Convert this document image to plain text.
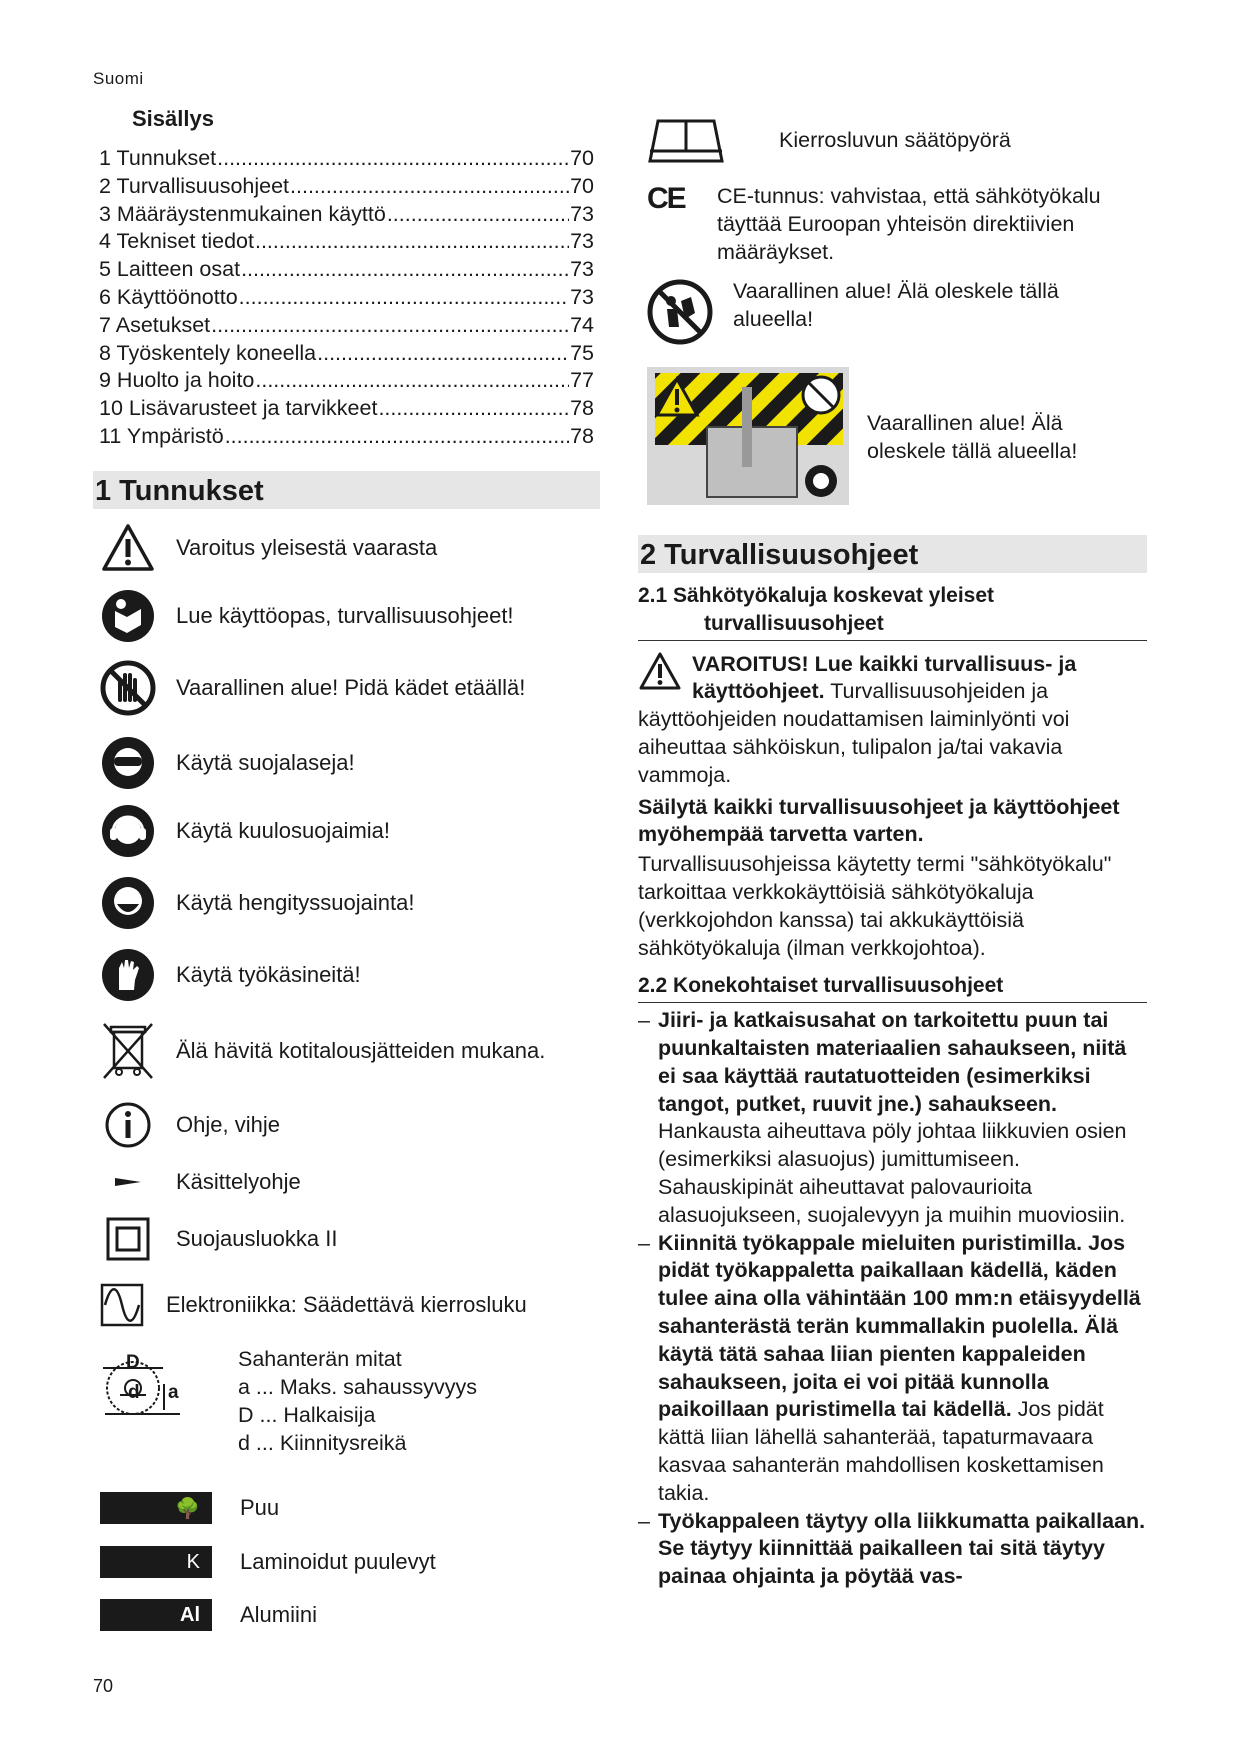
Suomi
Sisällys
1 Tunnukset .....	70
2 Turvallisuusohjeet .....	70
3 Määräystenmukainen käyttö .....	73
4 Tekniset tiedot .....	73
5 Laitteen osat .....	73
6 Käyttöönotto .....	73
7 Asetukset .....	74
8 Työskentely koneella .....	75
9 Huolto ja hoito .....	77
10 Lisävarusteet ja tarvikkeet .....	78
11 Ympäristö .....	78
1 Tunnukset
Varoitus yleisestä vaarasta
Lue käyttöopas, turvallisuusohjeet!
Vaarallinen alue! Pidä kädet etäällä!
Käytä suojalaseja!
Käytä kuulosuojaimia!
Käytä hengityssuojainta!
Käytä työkäsineitä!
Älä hävitä kotitalousjätteiden mukana.
Ohje, vihje
Käsittelyohje
Suojausluokka II
Elektroniikka: Säädettävä kierrosluku
D
d a
Sahanterän mitat
a ... Maks. sahaussyvyys
D ... Halkaisija
d ... Kiinnitysreikä
🌳 Puu
K Laminoidut puulevyt
Al Alumiini
Kierrosluvun säätöpyörä
CE CE-tunnus: vahvistaa, että sähkötyökalu täyttää Euroopan yhteisön direktiivien määräykset.
Vaarallinen alue! Älä oleskele tällä alueella!
Vaarallinen alue! Älä oleskele tällä alueella!
2 Turvallisuusohjeet
2.1 Sähkötyökaluja koskevat yleiset
turvallisuusohjeet
VAROITUS! Lue kaikki turvallisuus- ja käyttöohjeet. Turvallisuusohjeiden ja käyttöohjeiden noudattamisen laiminlyönti voi aiheuttaa sähköiskun, tulipalon ja/tai vakavia vammoja.
Säilytä kaikki turvallisuusohjeet ja käyttöohjeet myöhempää tarvetta varten.
Turvallisuusohjeissa käytetty termi "sähkötyökalu" tarkoittaa verkkokäyttöisiä sähkötyökaluja (verkkojohdon kanssa) tai akkukäyttöisiä sähkötyökaluja (ilman verkkojohtoa).
2.2 Konekohtaiset turvallisuusohjeet
– Jiiri- ja katkaisusahat on tarkoitettu puun tai puunkaltaisten materiaalien sahaukseen, niitä ei saa käyttää rautatuotteiden (esimerkiksi tangot, putket, ruuvit jne.) sahaukseen. Hankausta aiheuttava pöly johtaa liikkuvien osien (esimerkiksi alasuojus) jumittumiseen. Sahauskipinät aiheuttavat palovaurioita alasuojukseen, suojalevyyn ja muihin muoviosiin.
– Kiinnitä työkappale mieluiten puristimilla. Jos pidät työkappaletta paikallaan kädellä, käden tulee aina olla vähintään 100 mm:n etäisyydellä sahanterästä terän kummallakin puolella. Älä käytä tätä sahaa liian pienten kappaleiden sahaukseen, joita ei voi pitää kunnolla paikoillaan puristimella tai kädellä. Jos pidät kättä liian lähellä sahanterää, tapaturmavaara kasvaa sahanterän mahdollisen koskettamisen takia.
– Työkappaleen täytyy olla liikkumatta paikallaan. Se täytyy kiinnittää paikalleen tai sitä täytyy painaa ohjainta ja pöytää vas-
70
